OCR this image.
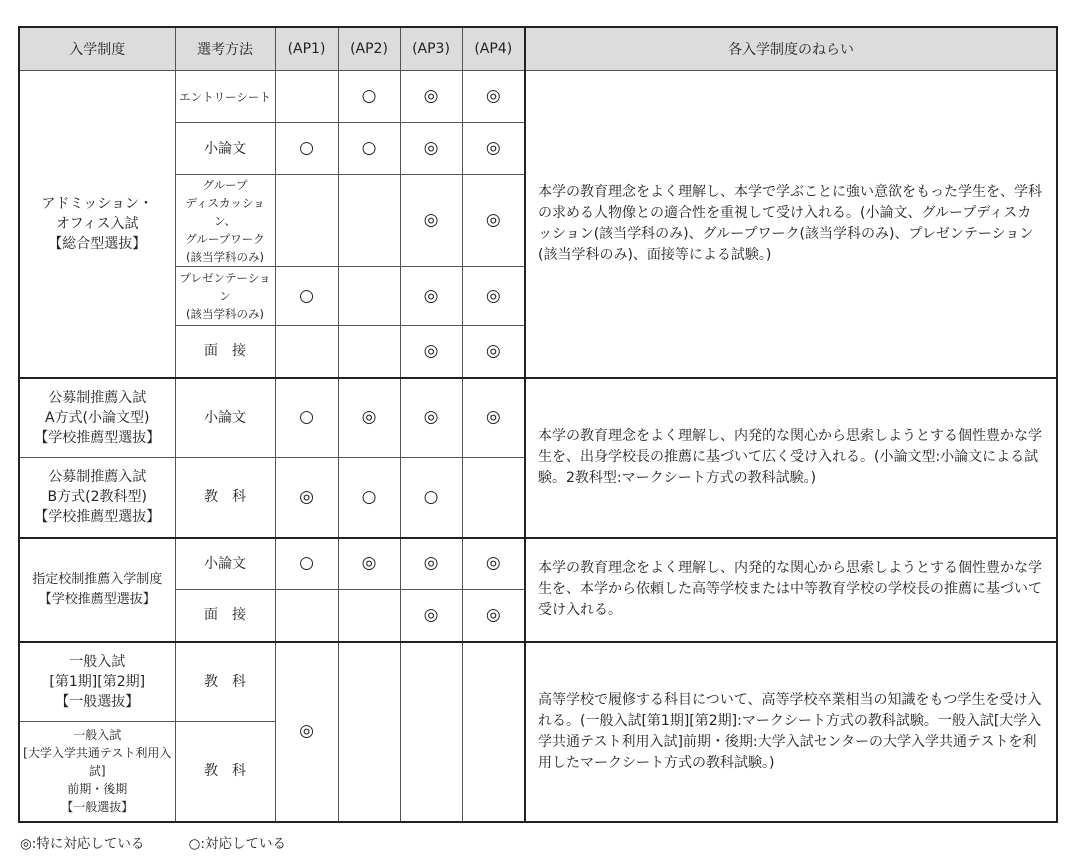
入学制度	選考方法	(AP1)	(AP2)	(AP3)	(AP4)	各入学制度のねらい

アドミッション・
オフィス入試
【総合型選抜】	エントリーシート		○	◎	◎	本学の教育理念をよく理解し、本学で学ぶことに強い意欲をもった学生を、学科の求める人物像との適合性を重視して受け入れる。(小論文、グループディスカッション(該当学科のみ)、グループワーク(該当学科のみ)、プレゼンテーション(該当学科のみ)、面接等による試験。)
	小論文	○	○	◎	◎	

	グループ
ディスカッション、
グループワーク
(該当学科のみ)			◎	◎	

	プレゼンテーション
(該当学科のみ)	○		◎	◎	
	面　接			◎	◎	

公募制推薦入試
A方式(小論文型)
【学校推薦型選抜】	小論文	○	◎	◎	◎	本学の教育理念をよく理解し、内発的な関心から思索しようとする個性豊かな学生を、出身学校長の推薦に基づいて広く受け入れる。(小論文型:小論文による試験。2教科型:マークシート方式の教科試験。)

公募制推薦入試
B方式(2教科型)
【学校推薦型選抜】	教　科	◎	○	○		

指定校制推薦入学制度
【学校推薦型選抜】	小論文	○	◎	◎	◎	本学の教育理念をよく理解し、内発的な関心から思索しようとする個性豊かな学生を、本学から依頼した高等学校または中等教育学校の学校長の推薦に基づいて受け入れる。
	面　接			◎	◎	

一般入試
[第1期][第2期]
【一般選抜】	教　科	◎				高等学校で履修する科目について、高等学校卒業相当の知識をもつ学生を受け入れる。(一般入試[第1期][第2期]:マークシート方式の教科試験。一般入試[大学入学共通テスト利用入試]前期・後期:大学入試センターの大学入学共通テストを利用したマークシート方式の教科試験。)

一般入試
[大学入学共通テスト利用入試]
前期・後期
【一般選抜】	教　科					
◎:特に対応している	○:対応している
